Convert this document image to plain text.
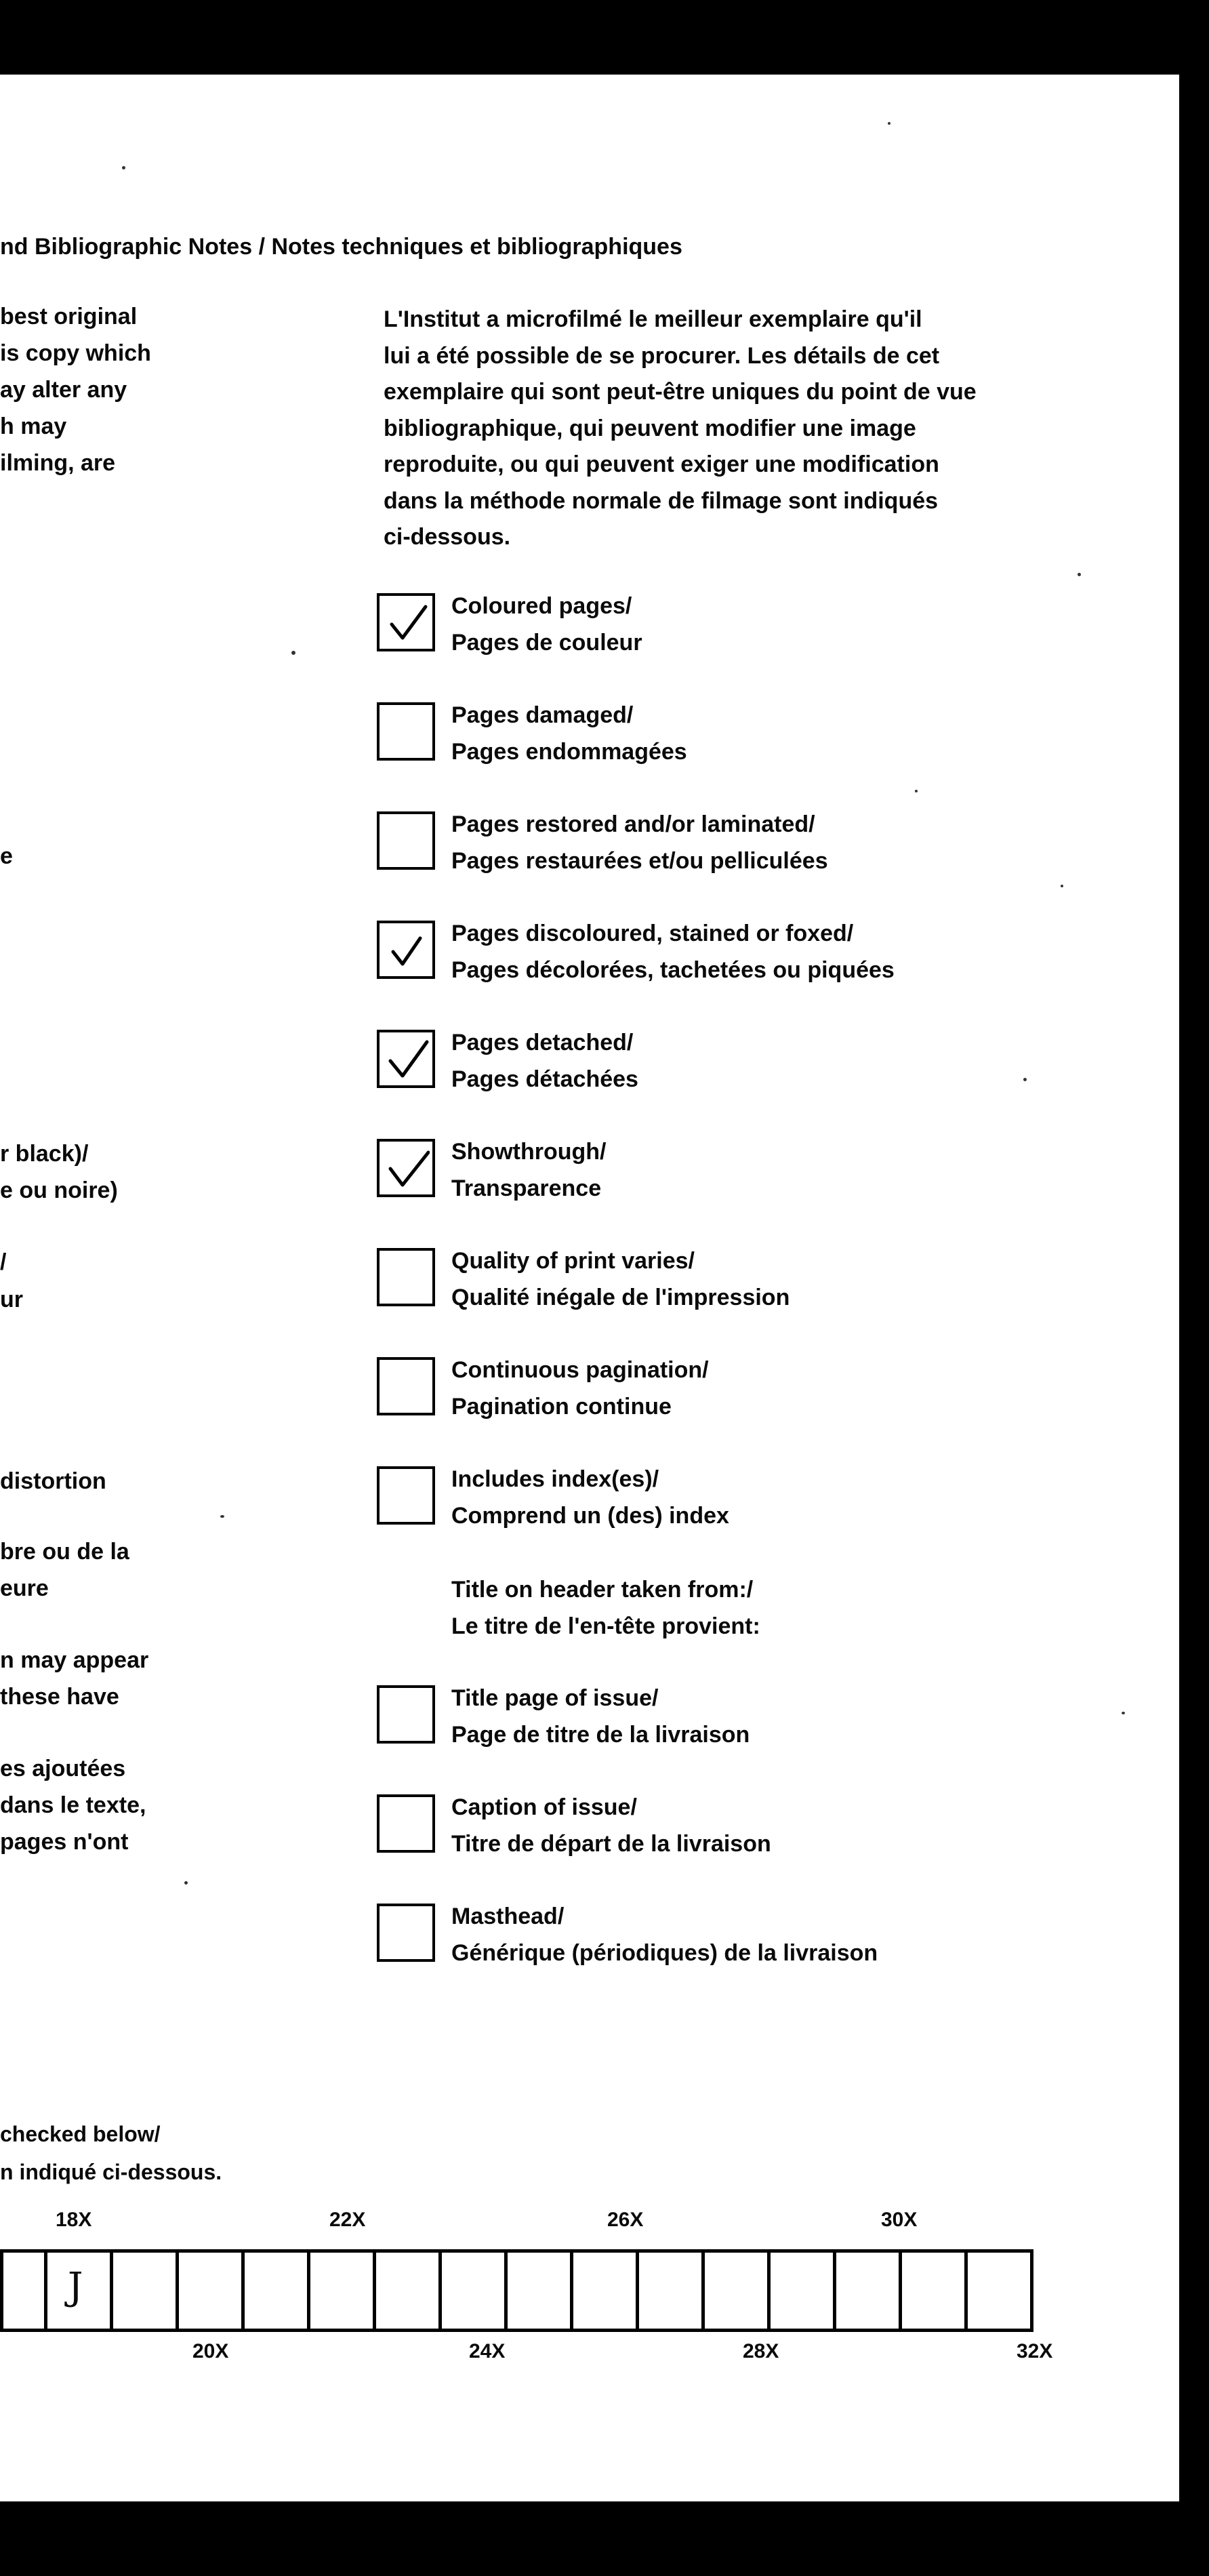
nd Bibliographic Notes / Notes techniques et bibliographiques
best original
is copy which
ay alter any
h may
ilming, are
e
r black)/
e ou noire)
/
ur
distortion
bre ou de la
eure
n may appear
these have
es ajoutées
dans le texte,
pages n'ont
L'Institut a microfilmé le meilleur exemplaire qu'il
lui a été possible de se procurer. Les détails de cet
exemplaire qui sont peut-être uniques du point de vue
bibliographique, qui peuvent modifier une image
reproduite, ou qui peuvent exiger une modification
dans la méthode normale de filmage sont indiqués
ci-dessous.
Coloured pages/
Pages de couleur
Pages damaged/
Pages endommagées
Pages restored and/or laminated/
Pages restaurées et/ou pelliculées
Pages discoloured, stained or foxed/
Pages décolorées, tachetées ou piquées
Pages detached/
Pages détachées
Showthrough/
Transparence
Quality of print varies/
Qualité inégale de l'impression
Continuous pagination/
Pagination continue
Includes index(es)/
Comprend un (des) index
Title on header taken from:/
Le titre de l'en-tête provient:
Title page of issue/
Page de titre de la livraison
Caption of issue/
Titre de départ de la livraison
Masthead/
Générique (périodiques) de la livraison
checked below/
n indiqué ci-dessous.
18X	22X	26X	30X
20X	24X	28X	32X

J
